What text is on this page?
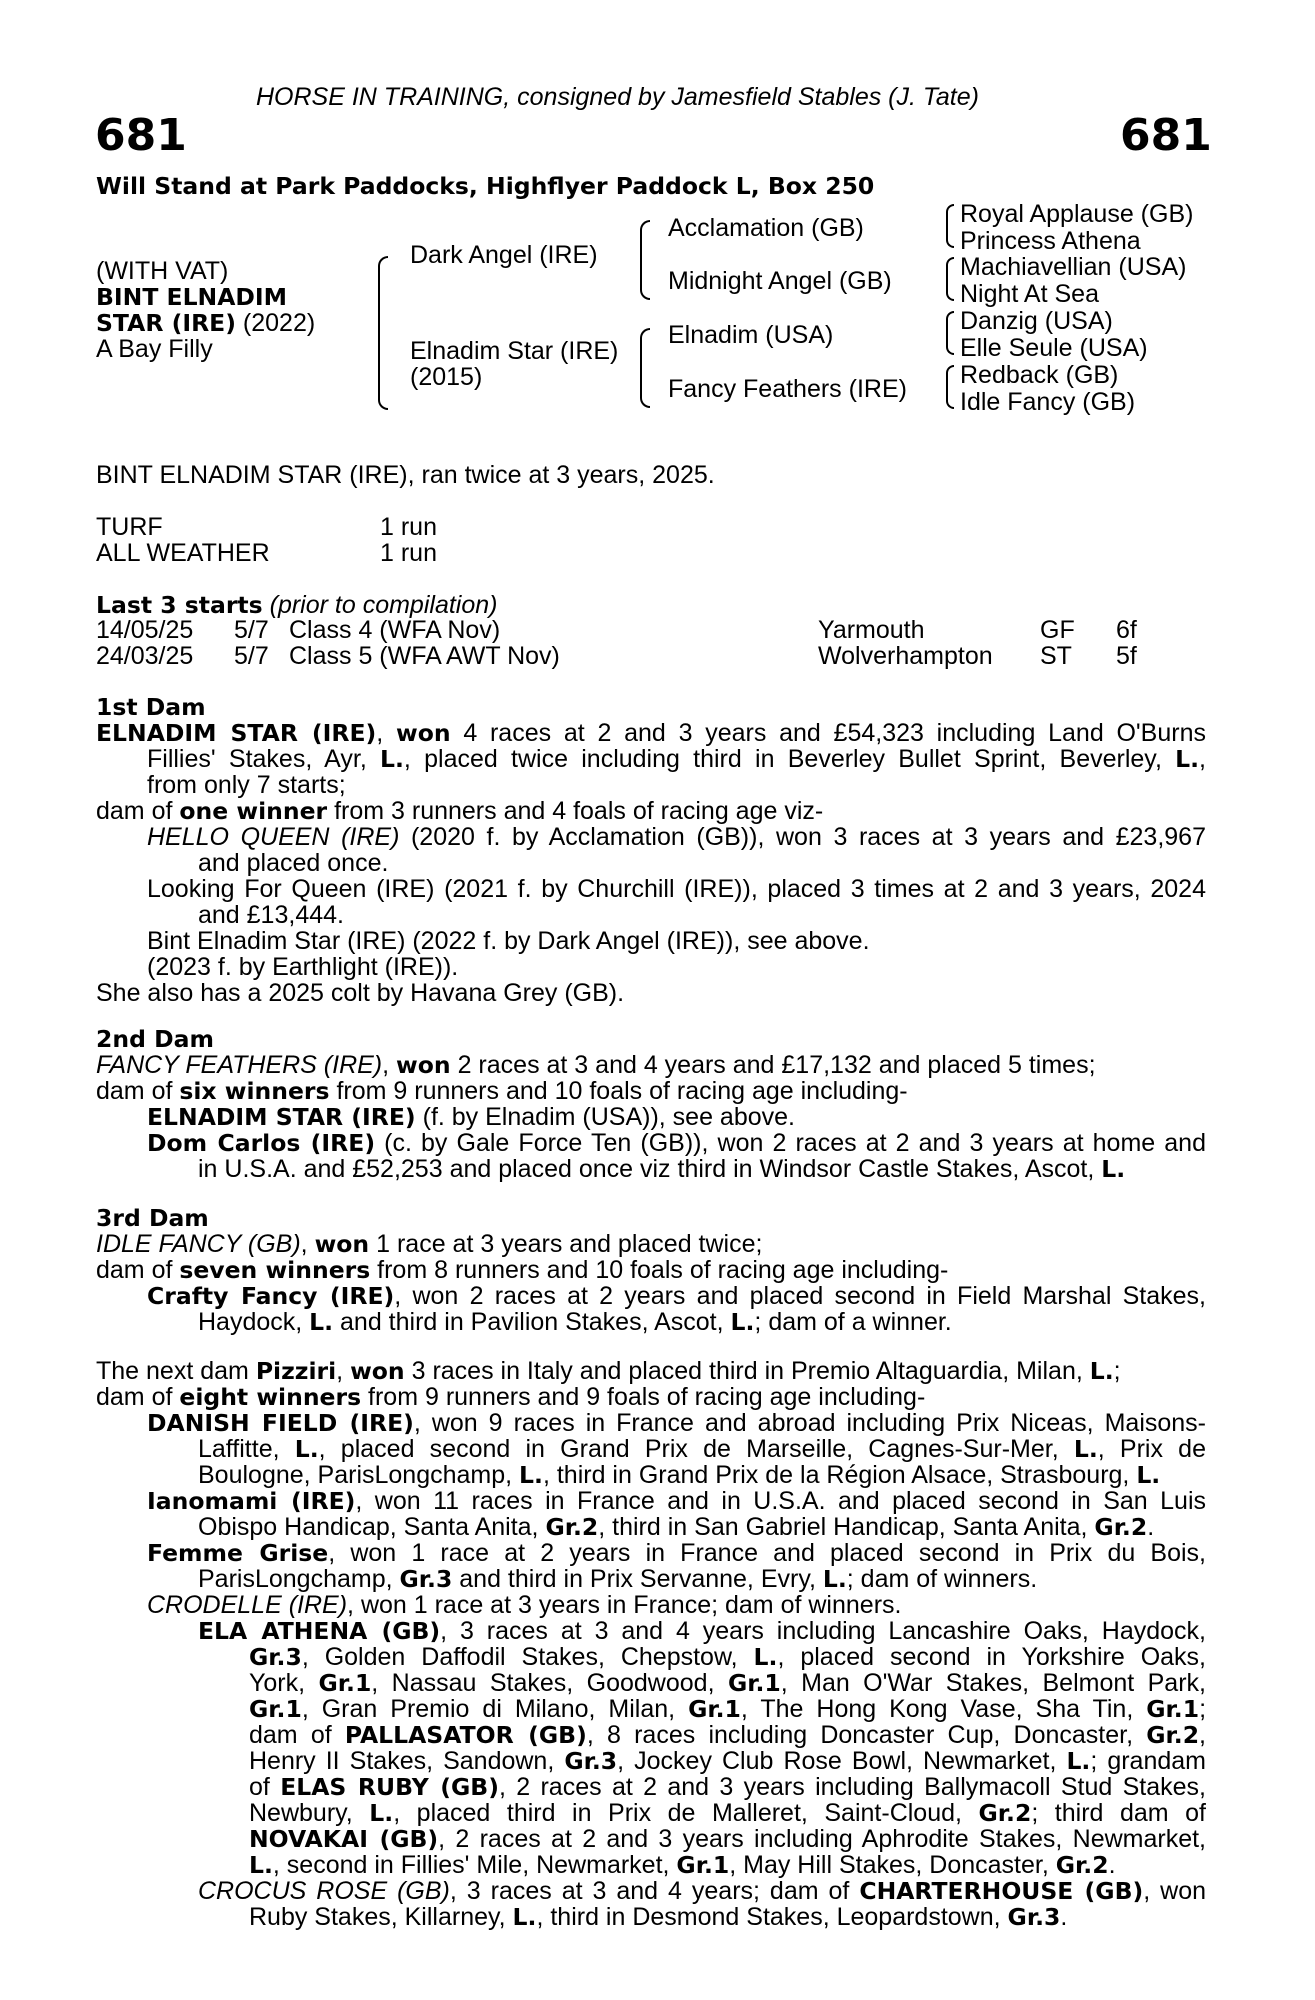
HORSE IN TRAINING, consigned by Jamesfield Stables (J. Tate)
681	681
Will Stand at Park Paddocks, Highflyer Paddock L, Box 250
(WITH VAT)
BINT ELNADIM
STAR (IRE) (2022)
A Bay Filly
Dark Angel (IRE)
Elnadim Star (IRE)
(2015)
Acclamation (GB)
Midnight Angel (GB)
Elnadim (USA)
Fancy Feathers (IRE)
Royal Applause (GB)
Princess Athena
Machiavellian (USA)
Night At Sea
Danzig (USA)
Elle Seule (USA)
Redback (GB)
Idle Fancy (GB)
BINT ELNADIM STAR (IRE), ran twice at 3 years, 2025.
TURF	1 run
ALL WEATHER	1 run
Last 3 starts (prior to compilation)
14/05/25 5/7 Class 4 (WFA Nov)	Yarmouth	GF 6f
24/03/25 5/7 Class 5 (WFA AWT Nov)	Wolverhampton ST 5f
1st Dam
ELNADIM STAR (IRE), won 4 races at 2 and 3 years and £54,323 including Land O'Burns
Fillies' Stakes, Ayr, L., placed twice including third in Beverley Bullet Sprint, Beverley, L.,
from only 7 starts;
dam of one winner from 3 runners and 4 foals of racing age viz-
HELLO QUEEN (IRE) (2020 f. by Acclamation (GB)), won 3 races at 3 years and £23,967
and placed once.
Looking For Queen (IRE) (2021 f. by Churchill (IRE)), placed 3 times at 2 and 3 years, 2024
and £13,444.
Bint Elnadim Star (IRE) (2022 f. by Dark Angel (IRE)), see above.
(2023 f. by Earthlight (IRE)).
She also has a 2025 colt by Havana Grey (GB).
2nd Dam
FANCY FEATHERS (IRE), won 2 races at 3 and 4 years and £17,132 and placed 5 times;
dam of six winners from 9 runners and 10 foals of racing age including-
ELNADIM STAR (IRE) (f. by Elnadim (USA)), see above.
Dom Carlos (IRE) (c. by Gale Force Ten (GB)), won 2 races at 2 and 3 years at home and
in U.S.A. and £52,253 and placed once viz third in Windsor Castle Stakes, Ascot, L.
3rd Dam
IDLE FANCY (GB), won 1 race at 3 years and placed twice;
dam of seven winners from 8 runners and 10 foals of racing age including-
Crafty Fancy (IRE), won 2 races at 2 years and placed second in Field Marshal Stakes,
Haydock, L. and third in Pavilion Stakes, Ascot, L.; dam of a winner.
The next dam Pizziri, won 3 races in Italy and placed third in Premio Altaguardia, Milan, L.;
dam of eight winners from 9 runners and 9 foals of racing age including-
DANISH FIELD (IRE), won 9 races in France and abroad including Prix Niceas, Maisons-
Laffitte, L., placed second in Grand Prix de Marseille, Cagnes-Sur-Mer, L., Prix de
Boulogne, ParisLongchamp, L., third in Grand Prix de la Région Alsace, Strasbourg, L.
Ianomami (IRE), won 11 races in France and in U.S.A. and placed second in San Luis
Obispo Handicap, Santa Anita, Gr.2, third in San Gabriel Handicap, Santa Anita, Gr.2.
Femme Grise, won 1 race at 2 years in France and placed second in Prix du Bois,
ParisLongchamp, Gr.3 and third in Prix Servanne, Evry, L.; dam of winners.
CRODELLE (IRE), won 1 race at 3 years in France; dam of winners.
ELA ATHENA (GB), 3 races at 3 and 4 years including Lancashire Oaks, Haydock,
Gr.3, Golden Daffodil Stakes, Chepstow, L., placed second in Yorkshire Oaks,
York, Gr.1, Nassau Stakes, Goodwood, Gr.1, Man O'War Stakes, Belmont Park,
Gr.1, Gran Premio di Milano, Milan, Gr.1, The Hong Kong Vase, Sha Tin, Gr.1;
dam of PALLASATOR (GB), 8 races including Doncaster Cup, Doncaster, Gr.2,
Henry II Stakes, Sandown, Gr.3, Jockey Club Rose Bowl, Newmarket, L.; grandam
of ELAS RUBY (GB), 2 races at 2 and 3 years including Ballymacoll Stud Stakes,
Newbury, L., placed third in Prix de Malleret, Saint-Cloud, Gr.2; third dam of
NOVAKAI (GB), 2 races at 2 and 3 years including Aphrodite Stakes, Newmarket,
L., second in Fillies' Mile, Newmarket, Gr.1, May Hill Stakes, Doncaster, Gr.2.
CROCUS ROSE (GB), 3 races at 3 and 4 years; dam of CHARTERHOUSE (GB), won
Ruby Stakes, Killarney, L., third in Desmond Stakes, Leopardstown, Gr.3.
